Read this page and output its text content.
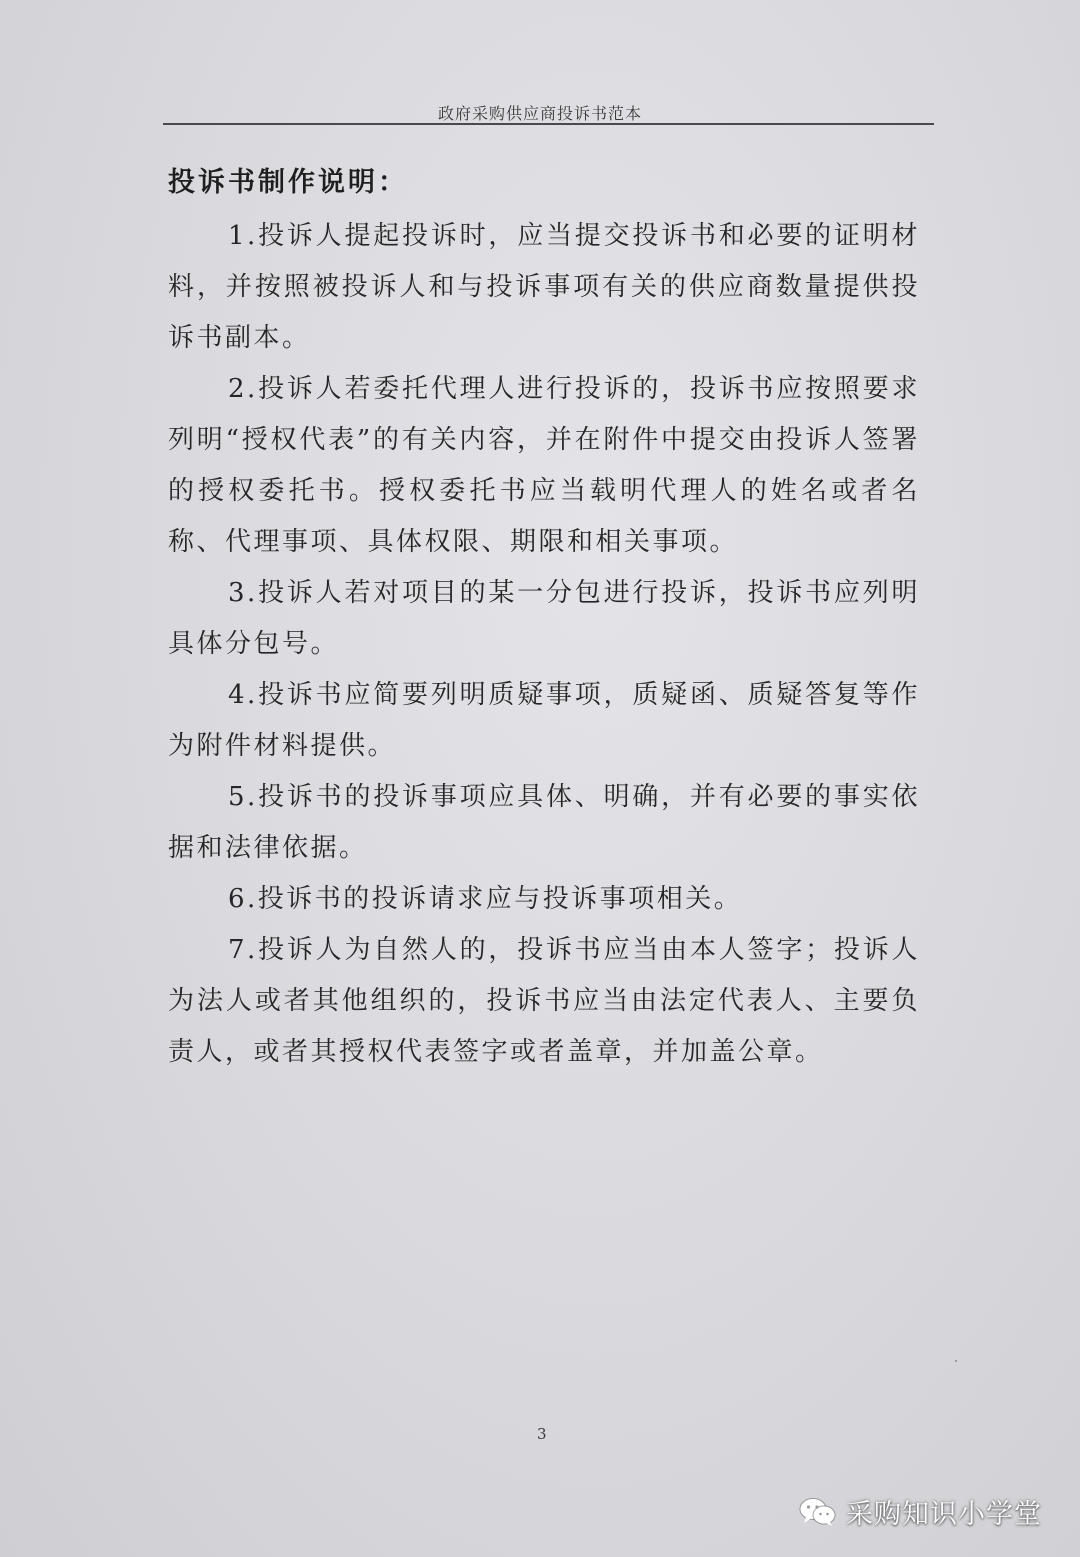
政府采购供应商投诉书范本
投诉书制作说明：

1.投诉人提起投诉时，应当提交投诉书和必要的证明材料，并按照被投诉人和与投诉事项有关的供应商数量提供投诉书副本。

2.投诉人若委托代理人进行投诉的，投诉书应按照要求列明“授权代表”的有关内容，并在附件中提交由投诉人签署的授权委托书。授权委托书应当载明代理人的姓名或者名称、代理事项、具体权限、期限和相关事项。

3.投诉人若对项目的某一分包进行投诉，投诉书应列明具体分包号。

4.投诉书应简要列明质疑事项，质疑函、质疑答复等作为附件材料提供。

5.投诉书的投诉事项应具体、明确，并有必要的事实依据和法律依据。

6.投诉书的投诉请求应与投诉事项相关。

7.投诉人为自然人的，投诉书应当由本人签字；投诉人为法人或者其他组织的，投诉书应当由法定代表人、主要负责人，或者其授权代表签字或者盖章，并加盖公章。

3
采购知识小学堂
